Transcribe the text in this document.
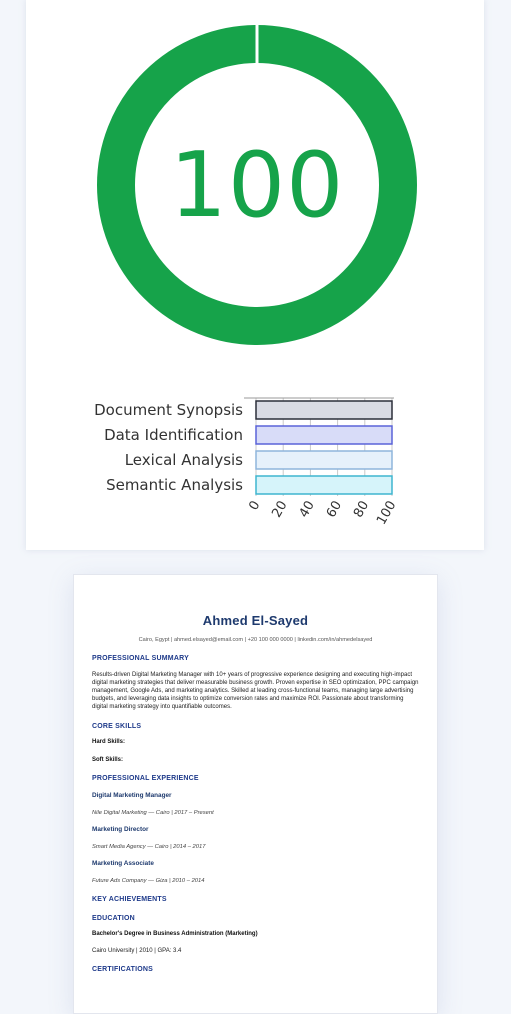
100
Document Synopsis
Data Identification
Lexical Analysis
Semantic Analysis
0 20 40 60 80 100
Ahmed El-Sayed
Cairo, Egypt | ahmed.elsayed@email.com | +20 100 000 0000 | linkedin.com/in/ahmedelsayed
PROFESSIONAL SUMMARY
Results-driven Digital Marketing Manager with 10+ years of progressive experience designing and executing high-impact digital marketing strategies that deliver measurable business growth. Proven expertise in SEO optimization, PPC campaign management, Google Ads, and marketing analytics. Skilled at leading cross-functional teams, managing large advertising budgets, and leveraging data insights to optimize conversion rates and maximize ROI. Passionate about transforming digital marketing strategy into quantifiable outcomes.
CORE SKILLS
Hard Skills:
Soft Skills:
PROFESSIONAL EXPERIENCE
Digital Marketing Manager
Nile Digital Marketing — Cairo | 2017 – Present
Marketing Director
Smart Media Agency — Cairo | 2014 – 2017
Marketing Associate
Future Ads Company — Giza | 2010 – 2014
KEY ACHIEVEMENTS
EDUCATION
Bachelor's Degree in Business Administration (Marketing)
Cairo University | 2010 | GPA: 3.4
CERTIFICATIONS
